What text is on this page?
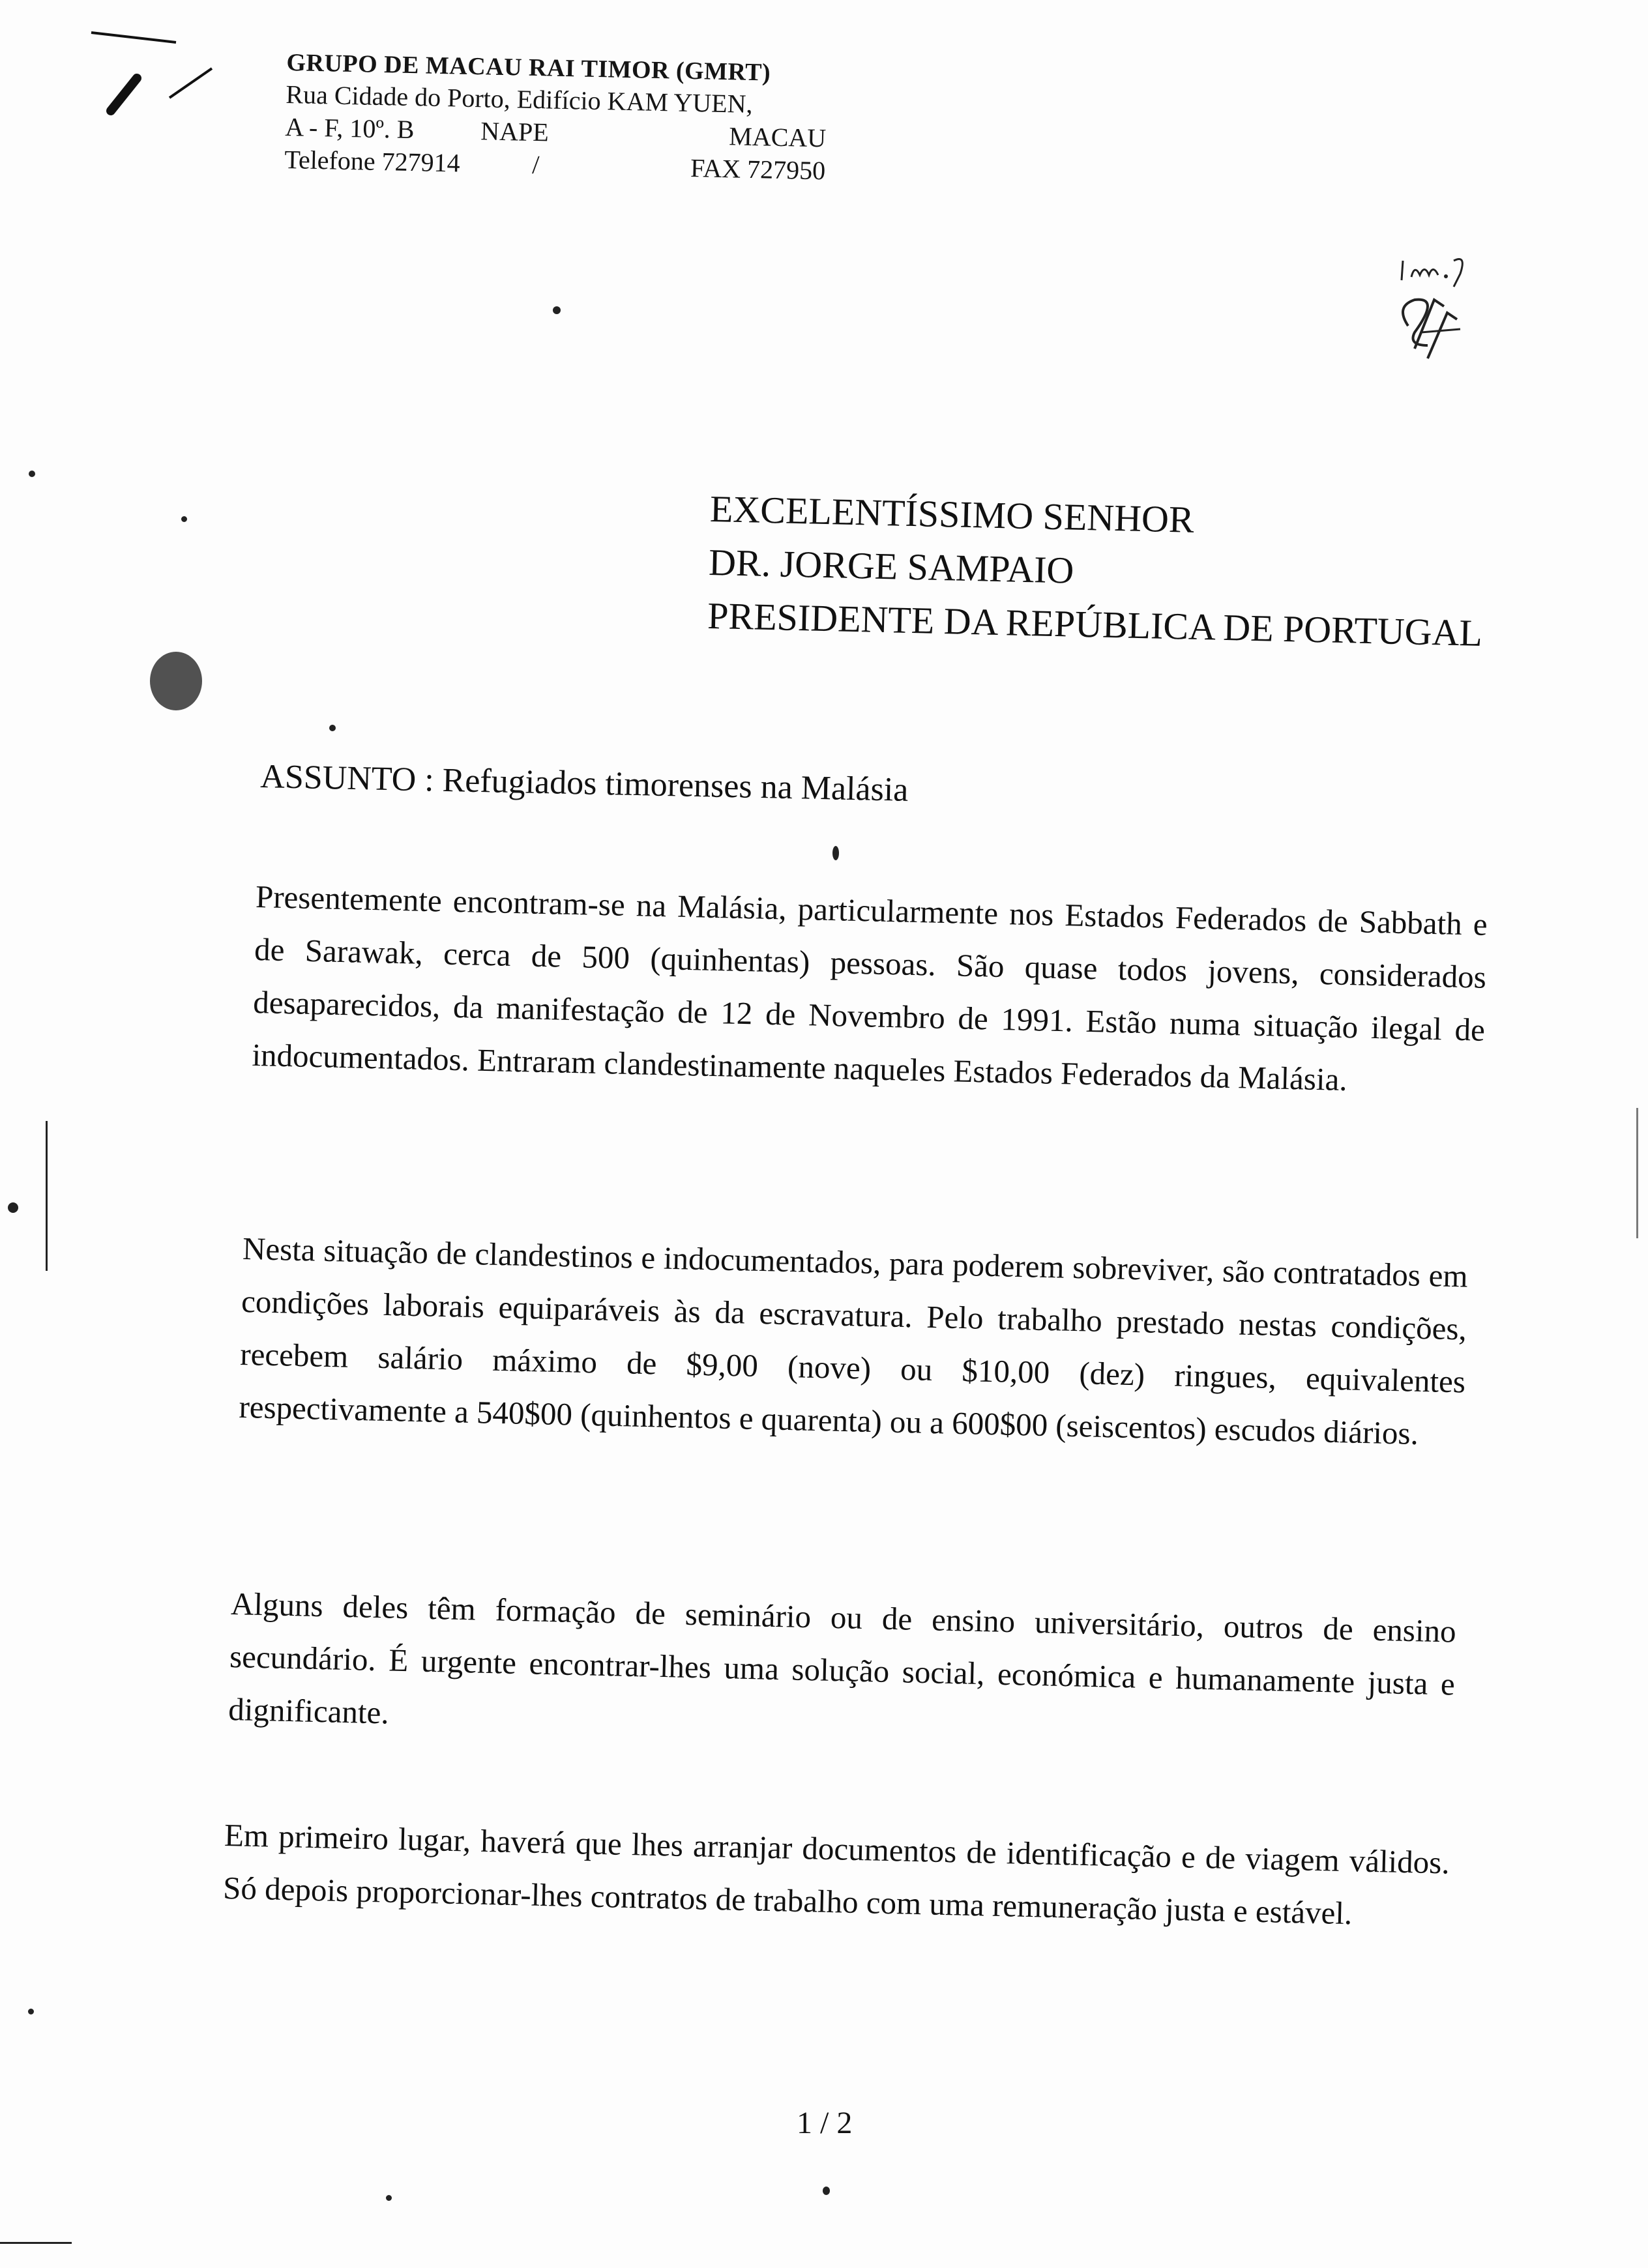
GRUPO DE MACAU RAI TIMOR (GMRT)
Rua Cidade do Porto, Edifício KAM YUEN,
A - F, 10º. B	NAPE	MACAU
Telefone 727914	/	FAX 727950
EXCELENTÍSSIMO SENHOR
DR. JORGE SAMPAIO
PRESIDENTE DA REPÚBLICA DE PORTUGAL
ASSUNTO : Refugiados timorenses na Malásia
Presentemente encontram-se na Malásia, particularmente nos Estados Federados de Sabbath e de Sarawak, cerca de 500 (quinhentas) pessoas. São quase todos jovens, considerados desaparecidos, da manifestação de 12 de Novembro de 1991. Estão numa situação ilegal de indocumentados. Entraram clandestinamente naqueles Estados Federados da Malásia.
Nesta situação de clandestinos e indocumentados, para poderem sobreviver, são contratados em condições laborais equiparáveis às da escravatura. Pelo trabalho prestado nestas condições, recebem salário máximo de $9,00 (nove) ou $10,00 (dez) ringues, equivalentes respectivamente a 540$00 (quinhentos e quarenta) ou a 600$00 (seiscentos) escudos diários.
Alguns deles têm formação de seminário ou de ensino universitário, outros de ensino secundário. É urgente encontrar-lhes uma solução social, económica e humanamente justa e dignificante.
Em primeiro lugar, haverá que lhes arranjar documentos de identificação e de viagem válidos. Só depois proporcionar-lhes contratos de trabalho com uma remuneração justa e estável.
1 / 2
